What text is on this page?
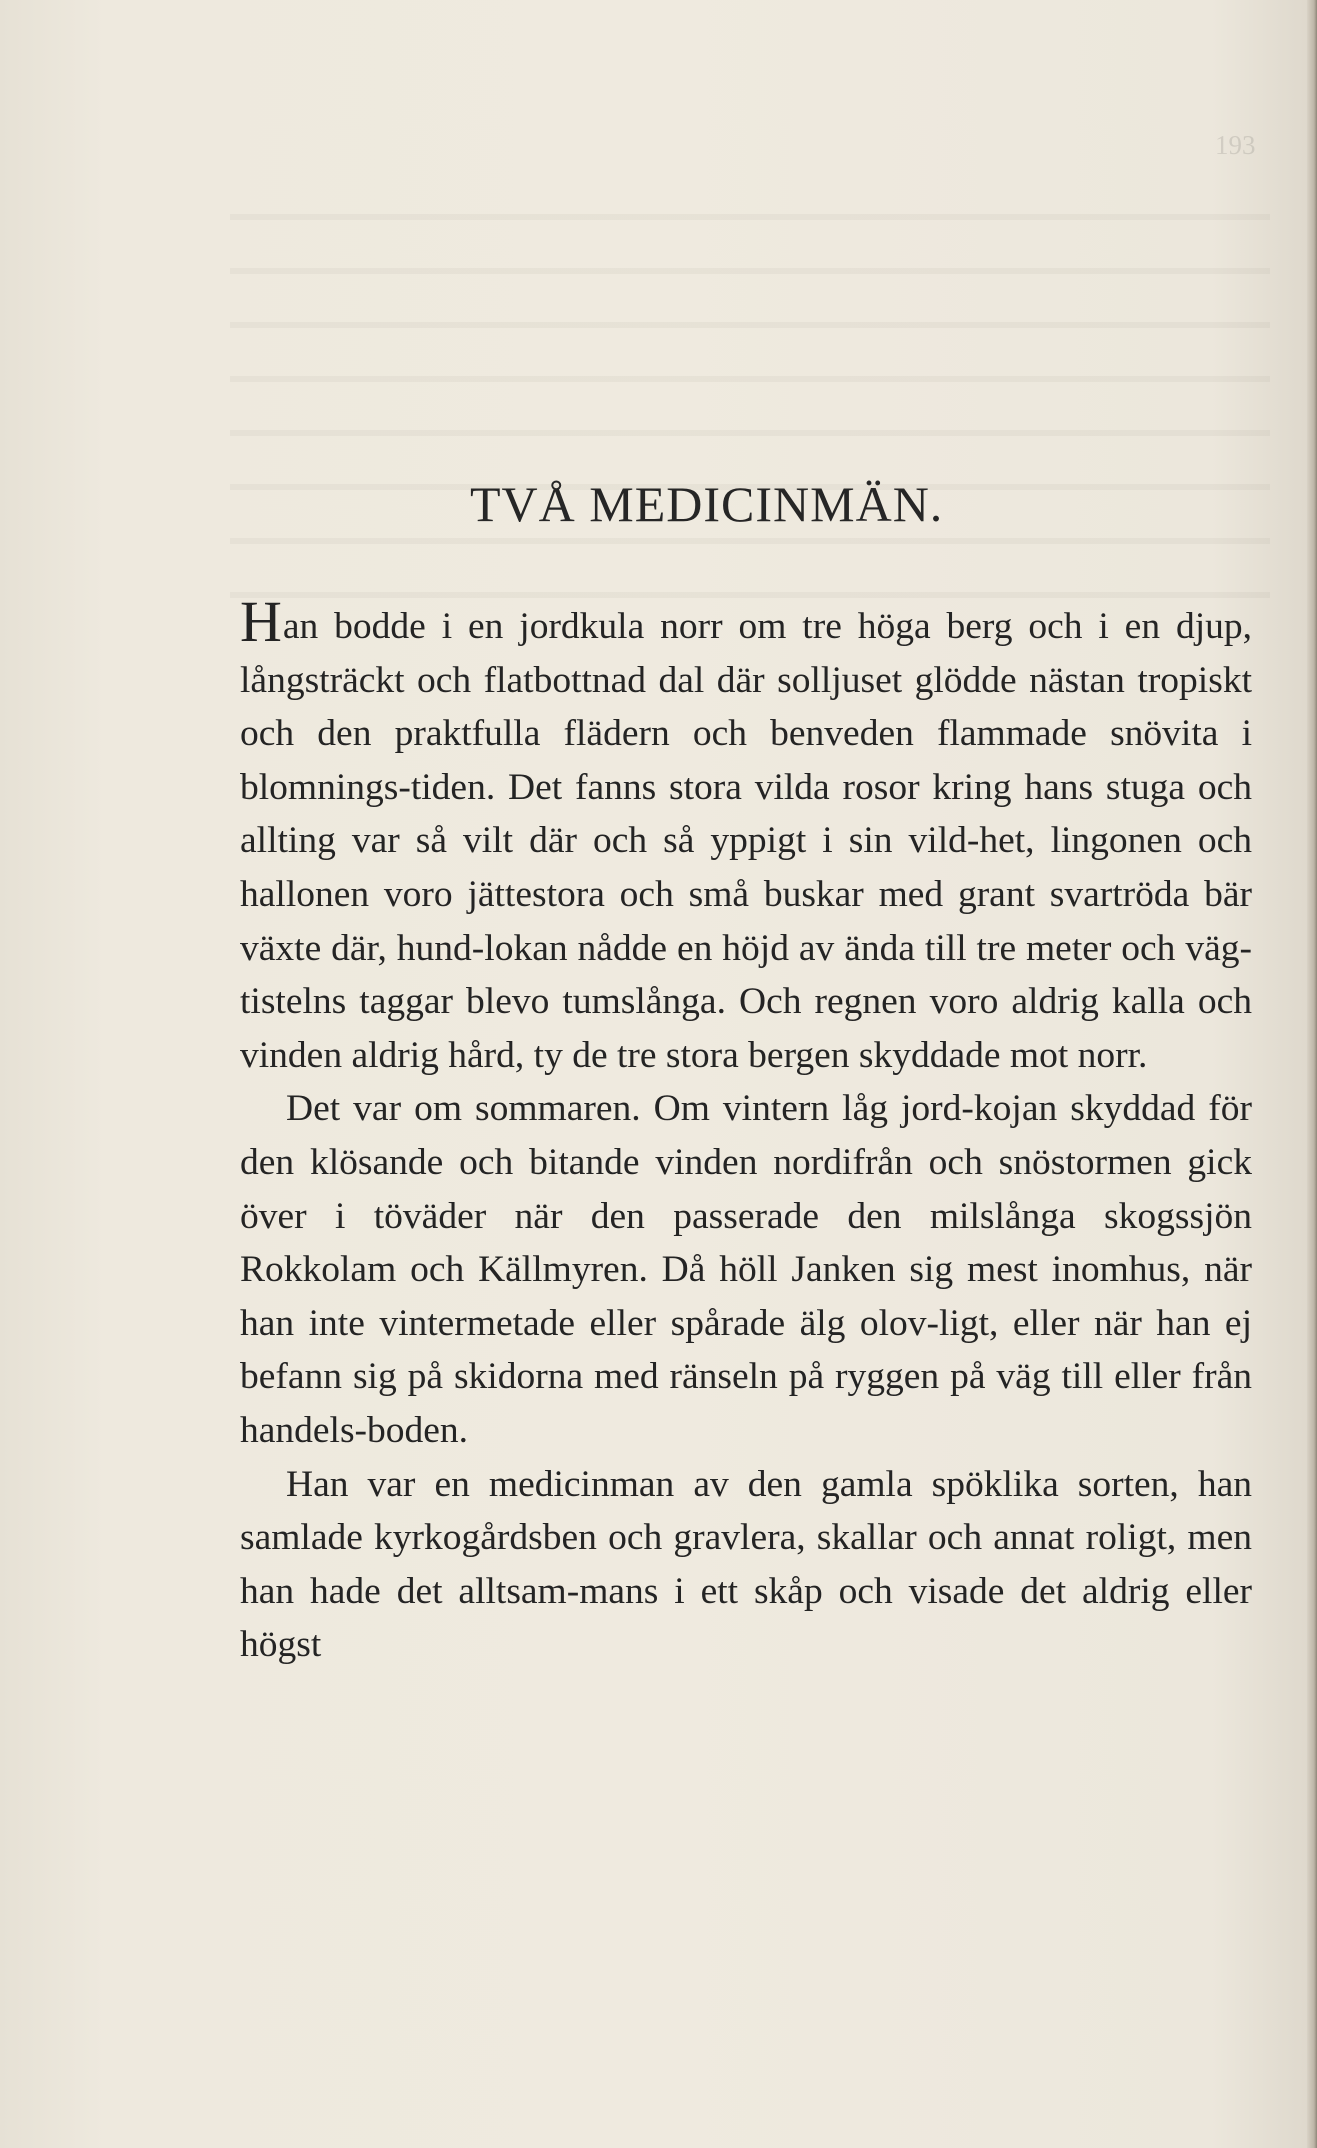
193
TVÅ MEDICINMÄN.

Han bodde i en jordkula norr om tre höga berg och i en djup, långsträckt och flatbottnad dal där solljuset glödde nästan tropiskt och den praktfulla flädern och benveden flammade snövita i blomnings-tiden. Det fanns stora vilda rosor kring hans stuga och allting var så vilt där och så yppigt i sin vild-het, lingonen och hallonen voro jättestora och små buskar med grant svartröda bär växte där, hund-lokan nådde en höjd av ända till tre meter och väg-tistelns taggar blevo tumslånga. Och regnen voro aldrig kalla och vinden aldrig hård, ty de tre stora bergen skyddade mot norr.

Det var om sommaren. Om vintern låg jord-kojan skyddad för den klösande och bitande vinden nordifrån och snöstormen gick över i töväder när den passerade den milslånga skogssjön Rokkolam och Källmyren. Då höll Janken sig mest inomhus, när han inte vintermetade eller spårade älg olov-ligt, eller när han ej befann sig på skidorna med ränseln på ryggen på väg till eller från handels-boden.

Han var en medicinman av den gamla spöklika sorten, han samlade kyrkogårdsben och gravlera, skallar och annat roligt, men han hade det alltsam-mans i ett skåp och visade det aldrig eller högst
